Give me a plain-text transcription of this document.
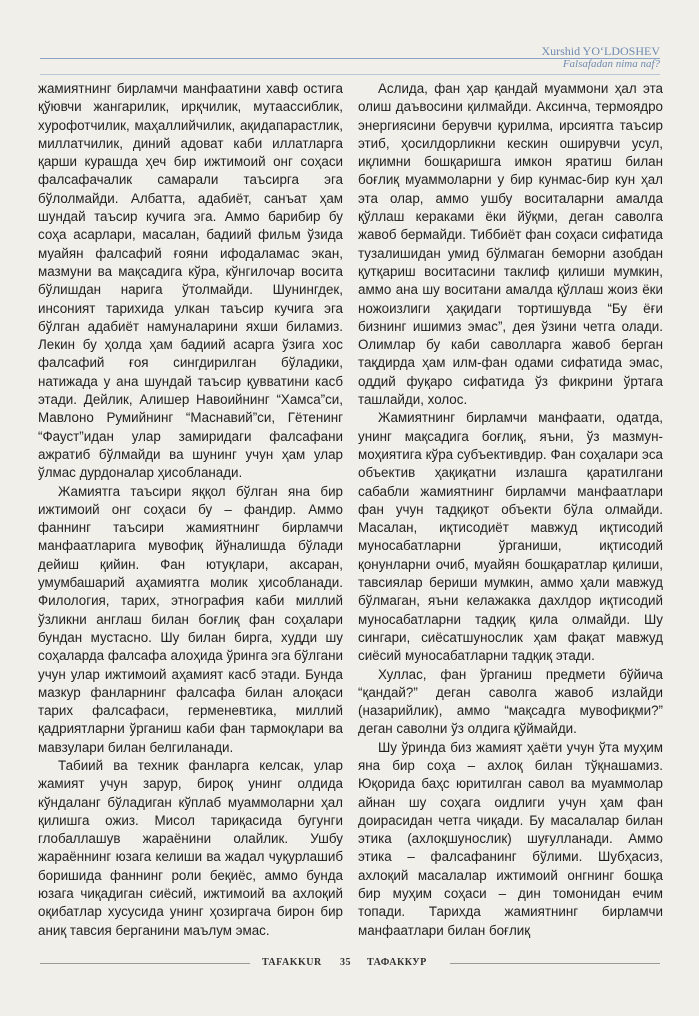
Xurshid YO‘LDOSHEV
Falsafadan nima naf?

жамиятнинг бирламчи манфаатини хавф остига қўювчи жангарилик, ирқчилик, мутаассиблик, хурофотчилик, маҳаллийчилик, ақидапарастлик, миллатчилик, диний адоват каби иллатларга қарши курашда ҳеч бир ижтимоий онг соҳаси фалсафачалик самарали таъсирга эга бўлолмайди. Албатта, адабиёт, санъат ҳам шундай таъсир кучига эга. Аммо барибир бу соҳа асарлари, масалан, бадиий фильм ўзида муайян фалсафий ғояни ифодаламас экан, мазмуни ва мақсадига кўра, кўнгилочар восита бўлишдан нарига ўтолмайди. Шунингдек, инсоният тарихида улкан таъсир кучига эга бўлган адабиёт намуналарини яхши биламиз. Лекин бу ҳолда ҳам бадиий асарга ўзига хос фалсафий ғоя сингдирилган бўладики, натижада у ана шундай таъсир қувватини касб этади. Дейлик, Алишер Навоийнинг “Хамса”си, Мавлоно Румийнинг “Маснавий”си, Гётенинг “Фауст”идан улар замиридаги фалсафани ажратиб бўлмайди ва шунинг учун ҳам улар ўлмас дурдоналар ҳисобланади.

Жамиятга таъсири яққол бўлган яна бир ижтимоий онг соҳаси бу – фандир. Аммо фаннинг таъсири жамиятнинг бирламчи манфаатларига мувофиқ йўналишда бўлади дейиш қийин. Фан ютуқлари, аксаран, умумбашарий аҳамиятга молик ҳисобланади. Филология, тарих, этнография каби миллий ўзликни англаш билан боғлиқ фан соҳалари бундан мустасно. Шу билан бирга, худди шу соҳаларда фалсафа алоҳида ўринга эга бўлгани учун улар ижтимоий аҳамият касб этади. Бунда мазкур фанларнинг фалсафа билан алоқаси тарих фалсафаси, герменевтика, миллий қадриятларни ўрганиш каби фан тармоқлари ва мавзулари билан белгиланади.

Табиий ва техник фанларга келсак, улар жамият учун зарур, бироқ унинг олдида кўндаланг бўладиган кўплаб муаммоларни ҳал қилишга ожиз. Мисол тариқасида бугунги глобаллашув жараёнини олайлик. Ушбу жараённинг юзага келиши ва жадал чуқурлашиб боришида фаннинг роли беқиёс, аммо бунда юзага чиқадиган сиёсий, ижтимоий ва ахлоқий оқибатлар хусусида унинг ҳозиргача бирон бир аниқ тавсия берганини маълум эмас.

Аслида, фан ҳар қандай муаммони ҳал эта олиш даъвосини қилмайди. Аксинча, термоядро энергиясини берувчи қурилма, ирсиятга таъсир этиб, ҳосилдорликни кескин оширувчи усул, иқлимни бошқаришга имкон яратиш билан боғлиқ муаммоларни у бир кунмас-бир кун ҳал эта олар, аммо ушбу воситаларни амалда қўллаш кераками ёки йўқми, деган саволга жавоб бермайди. Тиббиёт фан соҳаси сифатида тузалишидан умид бўлмаган беморни азобдан қутқариш воситасини таклиф қилиши мумкин, аммо ана шу воситани амалда қўллаш жоиз ёки ножоизлиги ҳақидаги тортишувда “Бу ёғи бизнинг ишимиз эмас”, дея ўзини четга олади. Олимлар бу каби саволларга жавоб берган тақдирда ҳам илм-фан одами сифатида эмас, оддий фуқаро сифатида ўз фикрини ўртага ташлайди, холос.

Жамиятнинг бирламчи манфаати, одатда, унинг мақсадига боғлиқ, яъни, ўз мазмун-моҳиятига кўра субъективдир. Фан соҳалари эса объектив ҳақиқатни излашга қаратилгани сабабли жамиятнинг бирламчи манфаатлари фан учун тадқиқот объекти бўла олмайди. Масалан, иқтисодиёт мавжуд иқтисодий муносабатларни ўрганиши, иқтисодий қонунларни очиб, муайян бошқаратлар қилиши, тавсиялар бериши мумкин, аммо ҳали мавжуд бўлмаган, яъни келажакка дахлдор иқтисодий муносабатларни тадқиқ қила олмайди. Шу сингари, сиёсатшунослик ҳам фақат мавжуд сиёсий муносабатларни тадқиқ этади.

Хуллас, фан ўрганиш предмети бўйича “қандай?” деган саволга жавоб излайди (назарийлик), аммо “мақсадга мувофиқми?” деган саволни ўз олдига қўймайди.

Шу ўринда биз жамият ҳаёти учун ўта муҳим яна бир соҳа – ахлоқ билан тўқнашамиз. Юқорида баҳс юритилган савол ва муаммолар айнан шу соҳага оидлиги учун ҳам фан доирасидан четга чиқади. Бу масалалар билан этика (ахлоқшунослик) шуғулланади. Аммо этика – фалсафанинг бўлими. Шубҳасиз, ахлоқий масалалар ижтимоий онгнинг бошқа бир муҳим соҳаси – дин томонидан ечим топади. Тарихда жамиятнинг бирламчи манфаатлари билан боғлиқ

TAFAKKUR 35 ТАФАККУР
